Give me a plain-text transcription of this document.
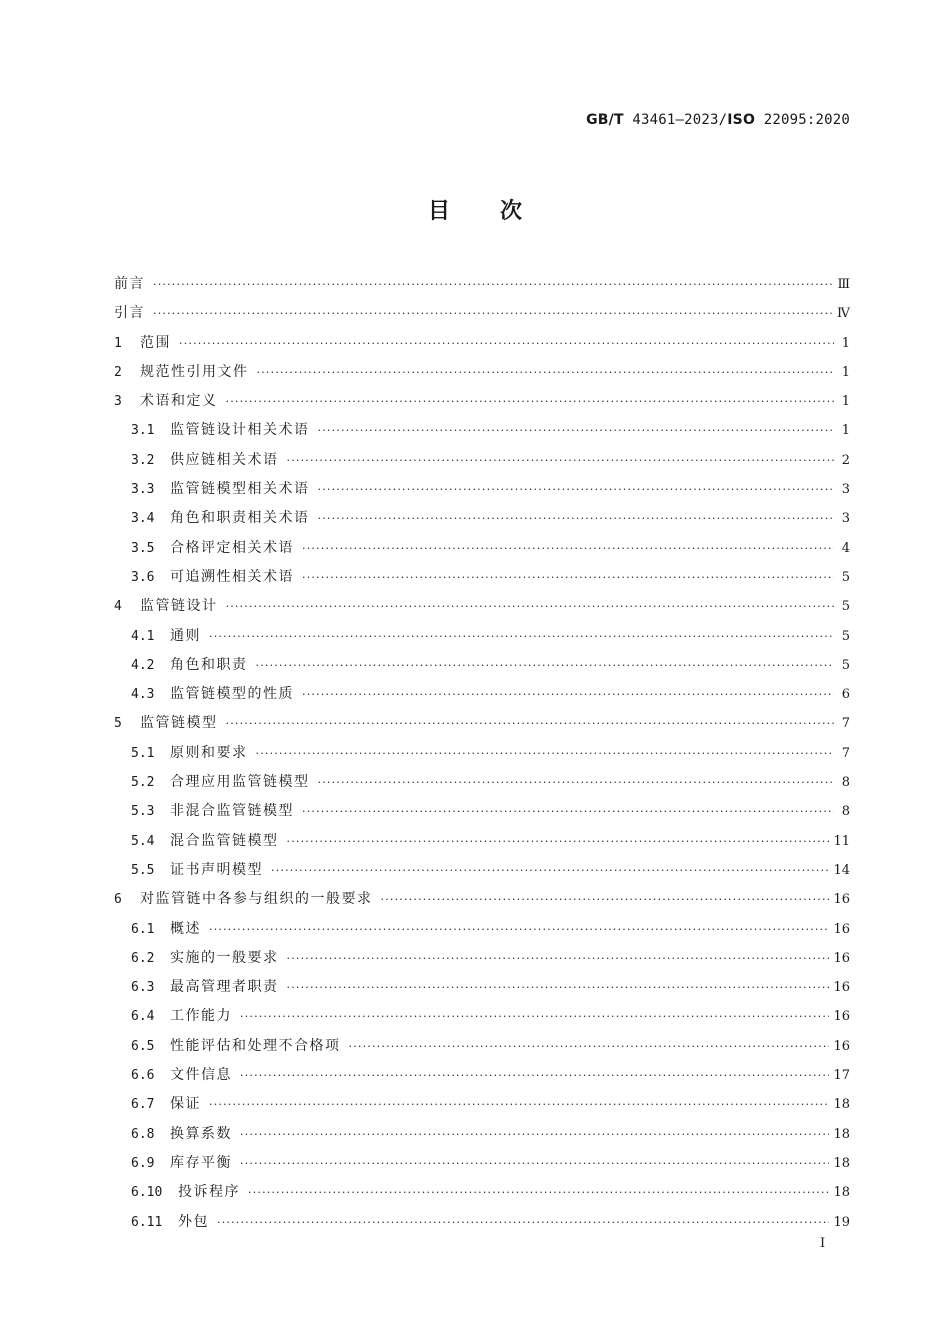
GB/T 43461—2023/ISO 22095:2020
目次
前言 ·····	Ⅲ
引言 ·····	Ⅳ
1	范围 ·····	1
2	规范性引用文件 ·····	1
3	术语和定义 ·····	1
3.1	监管链设计相关术语 ·····	1
3.2	供应链相关术语 ·····	2
3.3	监管链模型相关术语 ·····	3
3.4	角色和职责相关术语 ·····	3
3.5	合格评定相关术语 ·····	4
3.6	可追溯性相关术语 ·····	5
4	监管链设计 ·····	5
4.1	通则 ·····	5
4.2	角色和职责 ·····	5
4.3	监管链模型的性质 ·····	6
5	监管链模型 ·····	7
5.1	原则和要求 ·····	7
5.2	合理应用监管链模型 ·····	8
5.3	非混合监管链模型 ·····	8
5.4	混合监管链模型 ·····	11
5.5	证书声明模型 ·····	14
6	对监管链中各参与组织的一般要求 ·····	16
6.1	概述 ·····	16
6.2	实施的一般要求 ·····	16
6.3	最高管理者职责 ·····	16
6.4	工作能力 ·····	16
6.5	性能评估和处理不合格项 ·····	16
6.6	文件信息 ·····	17
6.7	保证 ·····	18
6.8	换算系数 ·····	18
6.9	库存平衡 ·····	18
6.10	投诉程序 ·····	18
6.11	外包 ·····	19
I
